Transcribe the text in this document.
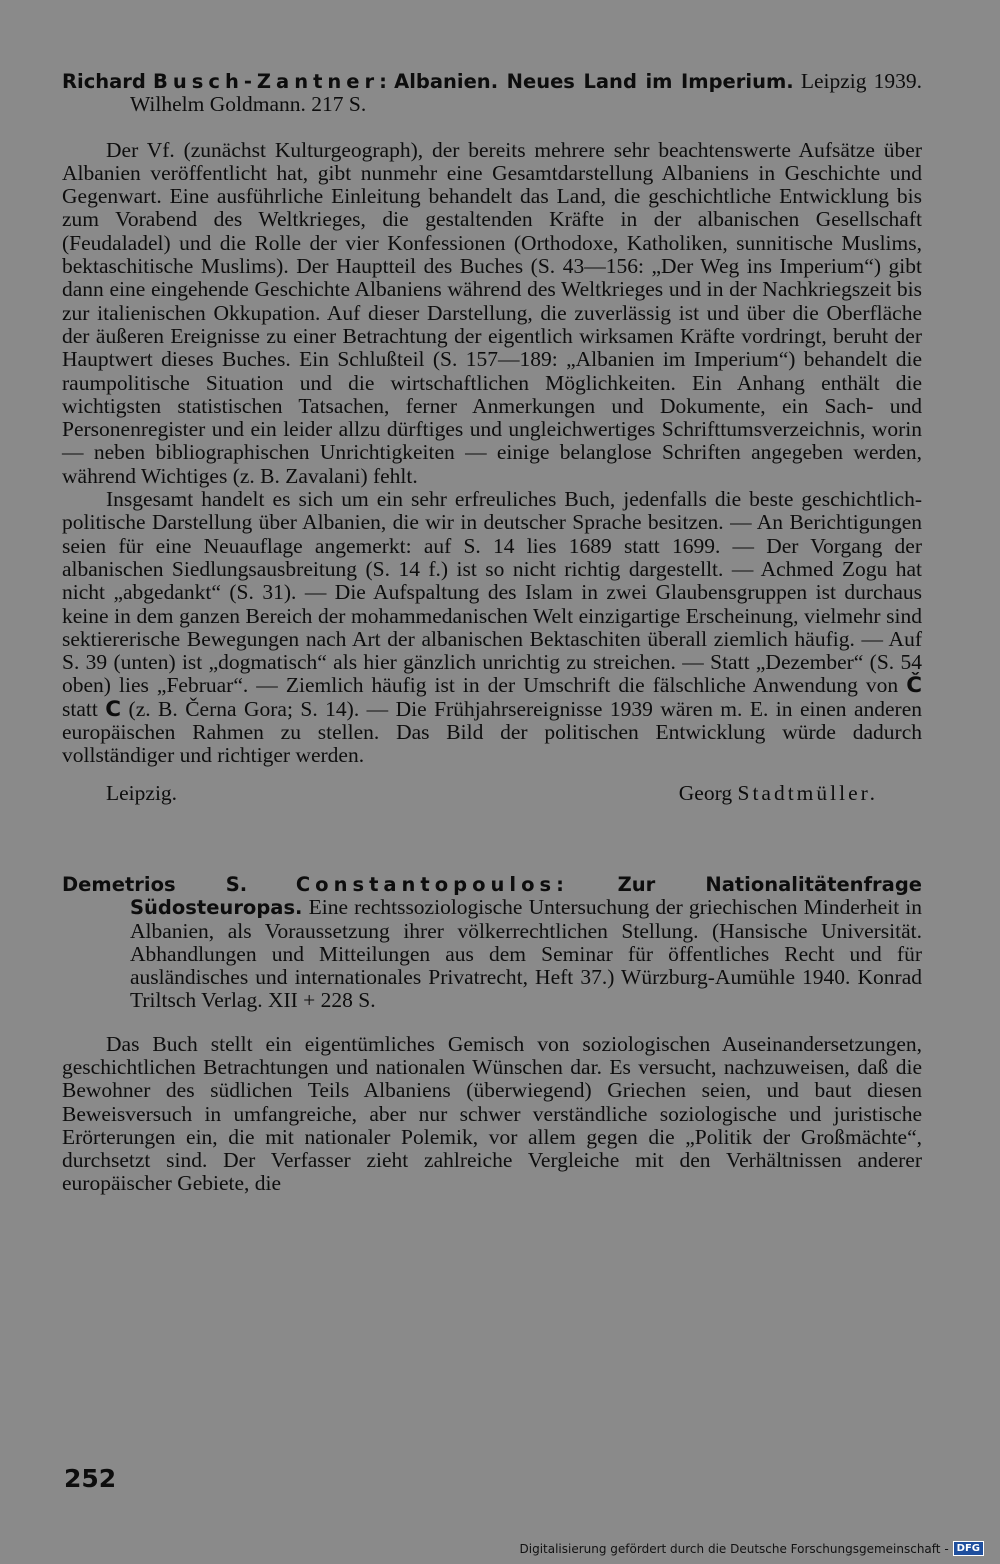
Richard Busch-Zantner: Albanien. Neues Land im Imperium. Leipzig 1939. Wilhelm Goldmann. 217 S.

Der Vf. (zunächst Kulturgeograph), der bereits mehrere sehr beachtenswerte Aufsätze über Albanien veröffentlicht hat, gibt nunmehr eine Gesamtdarstellung Albaniens in Geschichte und Gegenwart. Eine ausführliche Einleitung behandelt das Land, die geschichtliche Entwicklung bis zum Vorabend des Weltkrieges, die gestaltenden Kräfte in der albanischen Gesellschaft (Feudaladel) und die Rolle der vier Konfessionen (Orthodoxe, Katholiken, sunnitische Muslims, bektaschitische Muslims). Der Hauptteil des Buches (S. 43—156: „Der Weg ins Imperium“) gibt dann eine eingehende Geschichte Albaniens während des Weltkrieges und in der Nachkriegszeit bis zur italienischen Okkupation. Auf dieser Darstellung, die zuverlässig ist und über die Oberfläche der äußeren Ereignisse zu einer Betrachtung der eigentlich wirksamen Kräfte vordringt, beruht der Hauptwert dieses Buches. Ein Schlußteil (S. 157—189: „Albanien im Imperium“) behandelt die raumpolitische Situation und die wirtschaftlichen Möglichkeiten. Ein Anhang enthält die wichtigsten statistischen Tatsachen, ferner Anmerkungen und Dokumente, ein Sach- und Personenregister und ein leider allzu dürftiges und ungleichwertiges Schrifttumsverzeichnis, worin — neben bibliographischen Unrichtigkeiten — einige belanglose Schriften angegeben werden, während Wichtiges (z. B. Zavalani) fehlt.

Insgesamt handelt es sich um ein sehr erfreuliches Buch, jedenfalls die beste geschichtlich-politische Darstellung über Albanien, die wir in deutscher Sprache besitzen. — An Berichtigungen seien für eine Neuauflage angemerkt: auf S. 14 lies 1689 statt 1699. — Der Vorgang der albanischen Siedlungsausbreitung (S. 14 f.) ist so nicht richtig dargestellt. — Achmed Zogu hat nicht „abgedankt“ (S. 31). — Die Aufspaltung des Islam in zwei Glaubensgruppen ist durchaus keine in dem ganzen Bereich der mohammedanischen Welt einzigartige Erscheinung, vielmehr sind sektiererische Bewegungen nach Art der albanischen Bektaschiten überall ziemlich häufig. — Auf S. 39 (unten) ist „dogmatisch“ als hier gänzlich unrichtig zu streichen. — Statt „Dezember“ (S. 54 oben) lies „Februar“. — Ziemlich häufig ist in der Umschrift die fälschliche Anwendung von Č statt C (z. B. Černa Gora; S. 14). — Die Frühjahrsereignisse 1939 wären m. E. in einen anderen europäischen Rahmen zu stellen. Das Bild der politischen Entwicklung würde dadurch vollständiger und richtiger werden.

Leipzig.	Georg Stadtmüller.

Demetrios S. Constantopoulos: Zur Nationalitätenfrage Südosteuropas. Eine rechtssoziologische Untersuchung der griechischen Minderheit in Albanien, als Voraussetzung ihrer völkerrechtlichen Stellung. (Hansische Universität. Abhandlungen und Mitteilungen aus dem Seminar für öffentliches Recht und für ausländisches und internationales Privatrecht, Heft 37.) Würzburg-Aumühle 1940. Konrad Triltsch Verlag. XII + 228 S.

Das Buch stellt ein eigentümliches Gemisch von soziologischen Auseinandersetzungen, geschichtlichen Betrachtungen und nationalen Wünschen dar. Es versucht, nachzuweisen, daß die Bewohner des südlichen Teils Albaniens (überwiegend) Griechen seien, und baut diesen Beweisversuch in umfangreiche, aber nur schwer verständliche soziologische und juristische Erörterungen ein, die mit nationaler Polemik, vor allem gegen die „Politik der Großmächte“, durchsetzt sind. Der Verfasser zieht zahlreiche Vergleiche mit den Verhältnissen anderer europäischer Gebiete, die

252
Digitalisierung gefördert durch die Deutsche Forschungsgemeinschaft - DFG
